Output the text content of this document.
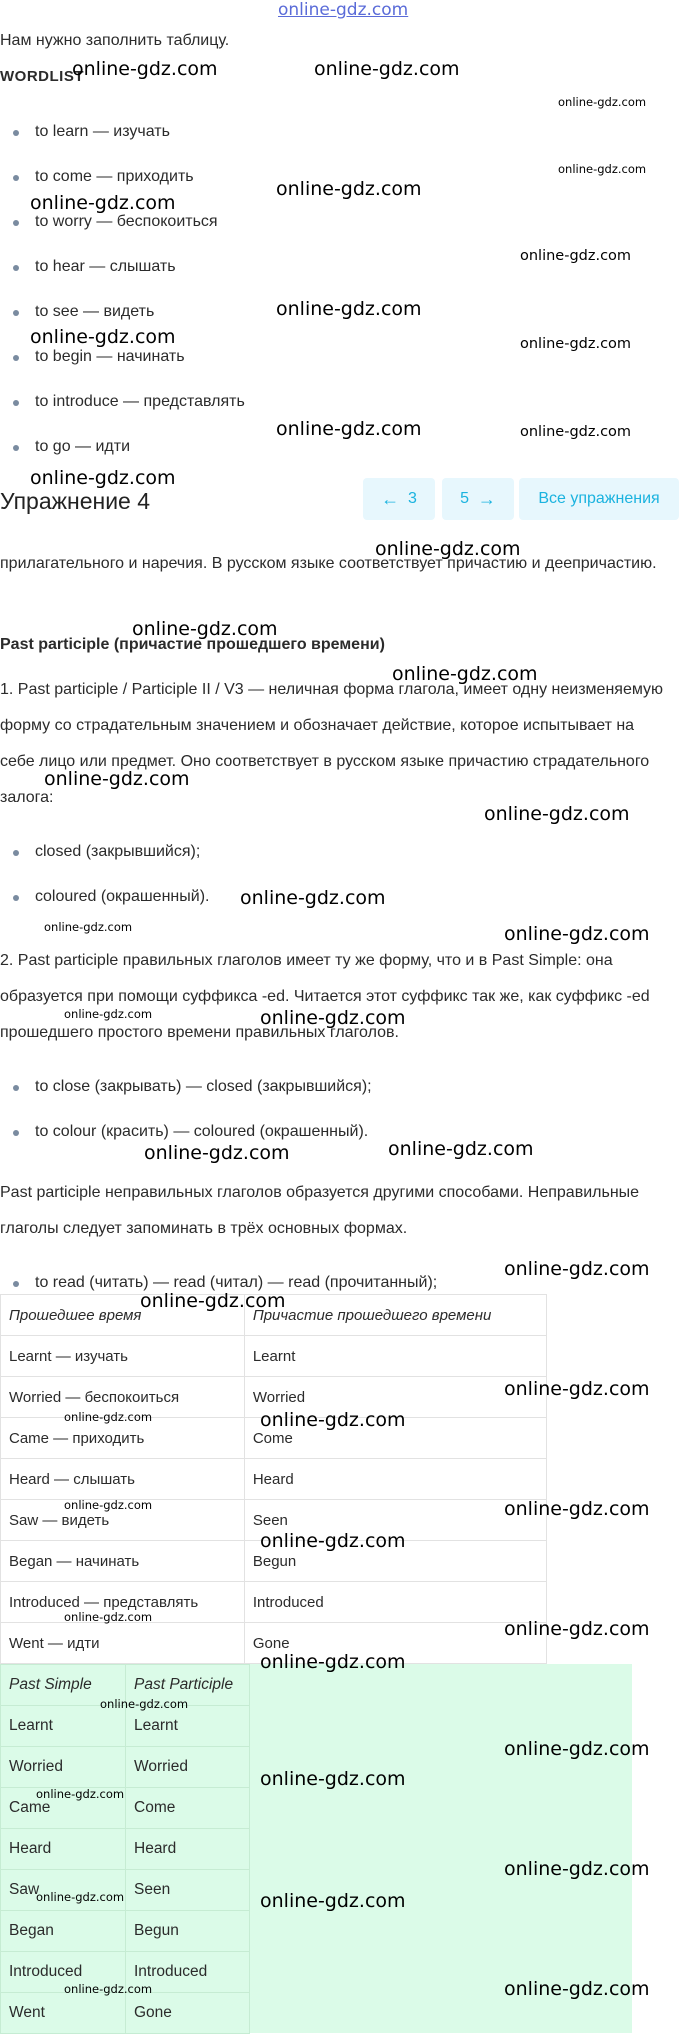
online-gdz.com
Нам нужно заполнить таблицу.
WORDLIST
to learn — изучать
to come — приходить
to worry — беспокоиться
to hear — слышать
to see — видеть
to begin — начинать
to introduce — представлять
to go — идти
Упражнение 4	←
3	5
→	Все упражнения
прилагательного и наречия. В русском языке соответствует причастию и деепричастию.
Past participle (причастие прошедшего времени)
1. Past participle / Participle II / V3 — неличная форма глагола, имеет одну неизменяемую форму со страдательным значением и обозначает действие, которое испытывает на себе лицо или предмет. Оно соответствует в русском языке причастию страдательного залога:
closed (закрывшийся);
coloured (окрашенный).
2. Past participle правильных глаголов имеет ту же форму, что и в Past Simple: она образуется при помощи суффикса -ed. Читается этот суффикс так же, как суффикс -ed прошедшего простого времени правильных глаголов.
to close (закрывать) — closed (закрывшийся);
to colour (красить) — coloured (окрашенный).
Past participle неправильных глаголов образуется другими способами. Неправильные глаголы следует запоминать в трёх основных формах.
to read (читать) — read (читал) — read (прочитанный);
Прошедшее время	Причастие прошедшего времени
Learnt — изучать	Learnt
Worried — беспокоиться	Worried
Came — приходить	Come
Heard — слышать	Heard
Saw — видеть	Seen
Began — начинать	Begun
Introduced — представлять	Introduced
Went — идти	Gone
Past Simple	Past Participle
Learnt	Learnt
Worried	Worried
Came	Come
Heard	Heard
Saw	Seen
Began	Begun
Introduced	Introduced
Went	Gone
online-gdz.com	online-gdz.com
online-gdz.com
online-gdz.com
online-gdz.com
online-gdz.com
online-gdz.com
online-gdz.com
online-gdz.com	online-gdz.com
online-gdz.com	online-gdz.com
online-gdz.com
online-gdz.com
online-gdz.com
online-gdz.com
online-gdz.com
online-gdz.com
online-gdz.com
online-gdz.com	online-gdz.com
online-gdz.com	online-gdz.com
online-gdz.com	online-gdz.com
online-gdz.com
online-gdz.com
online-gdz.com
online-gdz.com	online-gdz.com
online-gdz.com	online-gdz.com
online-gdz.com
online-gdz.com
online-gdz.com
online-gdz.com
online-gdz.com
online-gdz.com
online-gdz.com
online-gdz.com
online-gdz.com
online-gdz.com	online-gdz.com
online-gdz.com
online-gdz.com
